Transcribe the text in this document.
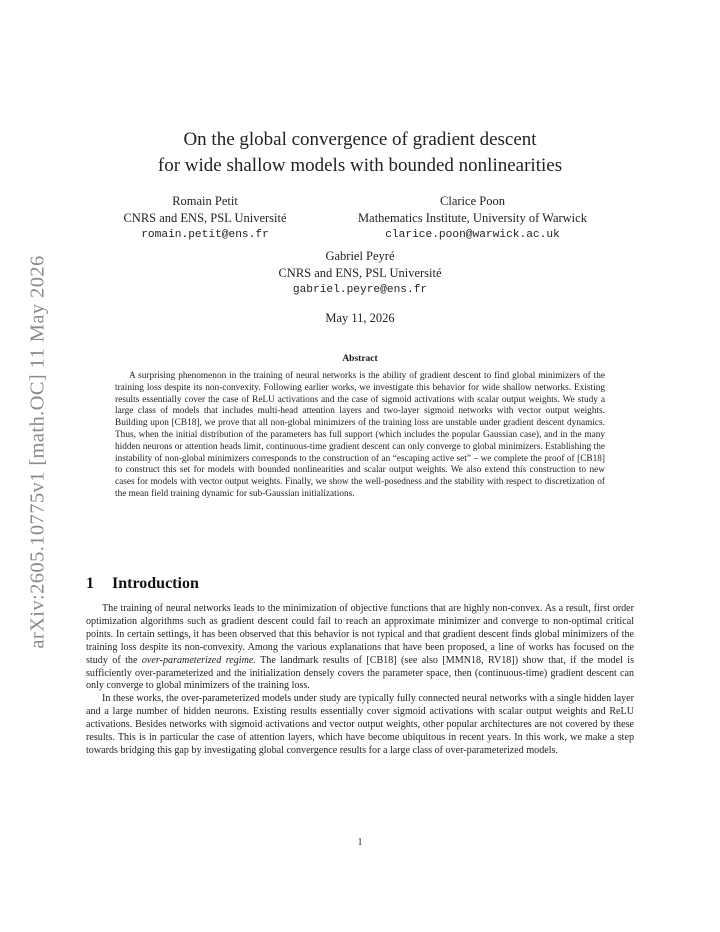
arXiv:2605.10775v1 [math.OC] 11 May 2026
On the global convergence of gradient descent
for wide shallow models with bounded nonlinearities
Romain Petit
CNRS and ENS, PSL Université
romain.petit@ens.fr
Clarice Poon
Mathematics Institute, University of Warwick
clarice.poon@warwick.ac.uk
Gabriel Peyré
CNRS and ENS, PSL Université
gabriel.peyre@ens.fr
May 11, 2026
Abstract
A surprising phenomenon in the training of neural networks is the ability of gradient descent to find global minimizers of the training loss despite its non-convexity. Following earlier works, we investigate this behavior for wide shallow networks. Existing results essentially cover the case of ReLU activations and the case of sigmoid activations with scalar output weights. We study a large class of models that includes multi-head attention layers and two-layer sigmoid networks with vector output weights. Building upon [CB18], we prove that all non-global minimizers of the training loss are unstable under gradient descent dynamics. Thus, when the initial distribution of the parameters has full support (which includes the popular Gaussian case), and in the many hidden neurons or attention heads limit, continuous-time gradient descent can only converge to global minimizers. Establishing the instability of non-global minimizers corresponds to the construction of an “escaping active set” – we complete the proof of [CB18] to construct this set for models with bounded nonlinearities and scalar output weights. We also extend this construction to new cases for models with vector output weights. Finally, we show the well-posedness and the stability with respect to discretization of the mean field training dynamic for sub-Gaussian initializations.
1 Introduction

The training of neural networks leads to the minimization of objective functions that are highly non-convex. As a result, first order optimization algorithms such as gradient descent could fail to reach an approximate minimizer and converge to non-optimal critical points. In certain settings, it has been observed that this behavior is not typical and that gradient descent finds global minimizers of the training loss despite its non-convexity. Among the various explanations that have been proposed, a line of works has focused on the study of the over-parameterized regime. The landmark results of [CB18] (see also [MMN18, RV18]) show that, if the model is sufficiently over-parameterized and the initialization densely covers the parameter space, then (continuous-time) gradient descent can only converge to global minimizers of the training loss.

In these works, the over-parameterized models under study are typically fully connected neural networks with a single hidden layer and a large number of hidden neurons. Existing results essentially cover sigmoid activations with scalar output weights and ReLU activations. Besides networks with sigmoid activations and vector output weights, other popular architectures are not covered by these results. This is in particular the case of attention layers, which have become ubiquitous in recent years. In this work, we make a step towards bridging this gap by investigating global convergence results for a large class of over-parameterized models.

1
